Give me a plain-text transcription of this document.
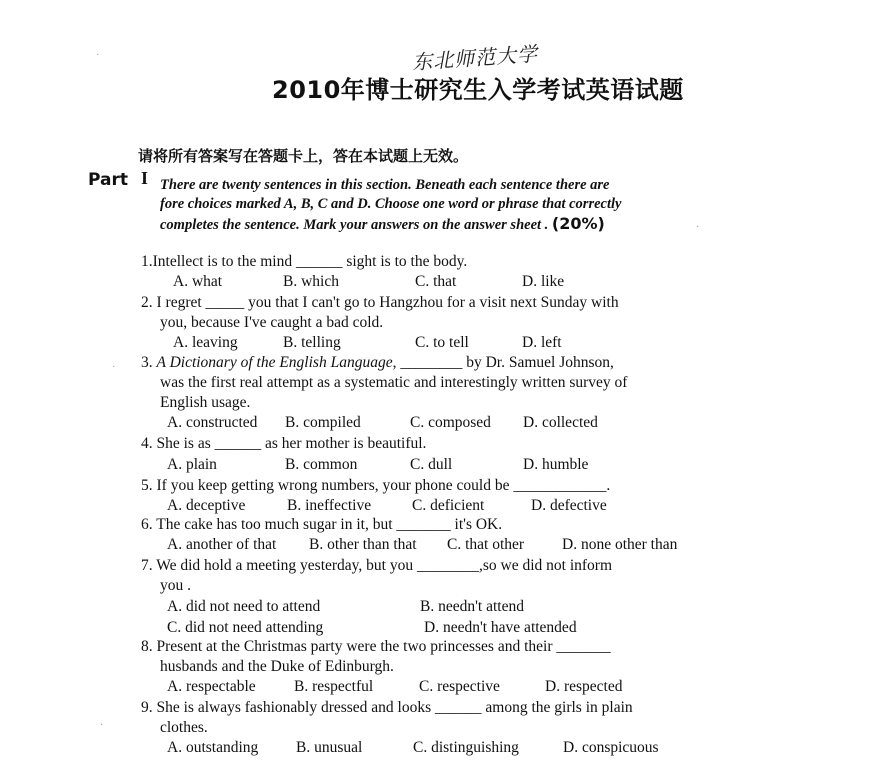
东北师范大学
2010年博士研究生入学考试英语试题
请将所有答案写在答题卡上，答在本试题上无效。
Part I There are twenty sentences in this section. Beneath each sentence there are
fore choices marked A, B, C and D. Choose one word or phrase that correctly
completes the sentence. Mark your answers on the answer sheet . (20%)
1.Intellect is to the mind ______ sight is to the body.
A. what	B. which	C. that	D. like
2. I regret _____ you that I can't go to Hangzhou for a visit next Sunday with
you, because I've caught a bad cold.
A. leaving	B. telling	C. to tell	D. left
3. A Dictionary of the English Language, ________ by Dr. Samuel Johnson,
was the first real attempt as a systematic and interestingly written survey of
English usage.
A. constructed B. compiled	C. composed D. collected
4. She is as ______ as her mother is beautiful.
A. plain	B. common	C. dull	D. humble
5. If you keep getting wrong numbers, your phone could be ____________.
A. deceptive	B. ineffective	C. deficient	D. defective
6. The cake has too much sugar in it, but _______ it's OK.
A. another of that B. other than that C. that other D. none other than
7. We did hold a meeting yesterday, but you ________,so we did not inform
you .
A. did not need to attend	B. needn't attend
C. did not need attending	D. needn't have attended
8. Present at the Christmas party were the two princesses and their _______
husbands and the Duke of Edinburgh.
A. respectable B. respectful	C. respective	D. respected
9. She is always fashionably dressed and looks ______ among the girls in plain
clothes.
A. outstanding B. unusual	C. distinguishing	D. conspicuous
·
·
·
·
